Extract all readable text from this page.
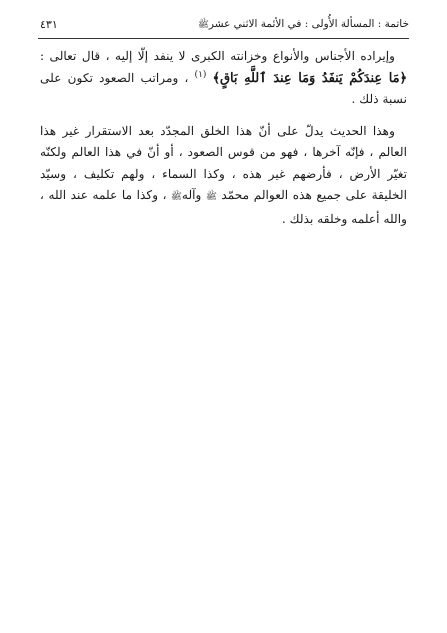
خاتمة : المسألة الأُولى : في الأئمة الاثني عشرﷺ
٤٣١

وإيراده الأجناس والأنواع وخزانته الكبرى لا ينفد إلّا إليه ، قال تعالى : ﴿مَا عِندَكُمْ يَنفَدُ وَمَا عِندَ ٱللَّهِ بَاقٍ﴾ $^{(١)}$ ، ومراتب الصعود تكون على نسبة ذلك .

وهذا الحديث يدلّ على أنّ هذا الخلق المجدّد بعد الاستقرار غير هذا العالم ، فإنّه آخرها ، فهو من قوس الصعود ، أو أنّ في هذا العالم ولكنّه تغيّر الأرض ، فأرضهم غير هذه ، وكذا السماء ، ولهم تكليف ، وسيّد الخليقة على جميع هذه العوالم محمّد ﷺ وآلهﷺ ، وكذا ما علمه عند الله ، والله أعلمه وخلقه بذلك .
